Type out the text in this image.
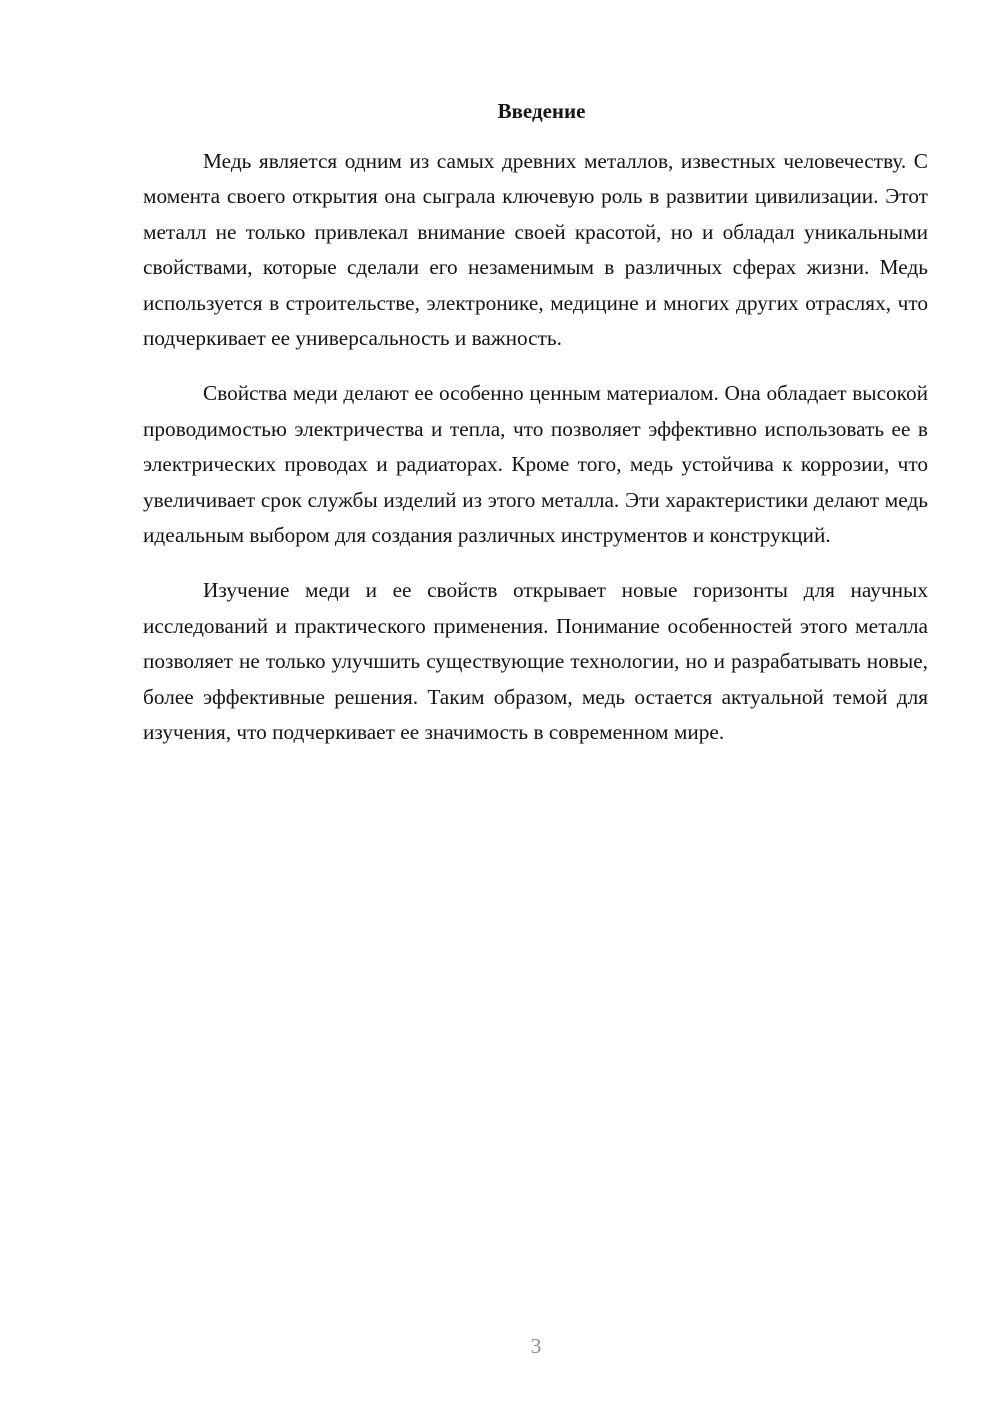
Введение

Медь является одним из самых древних металлов, известных человечеству. С момента своего открытия она сыграла ключевую роль в развитии цивилизации. Этот металл не только привлекал внимание своей красотой, но и обладал уникальными свойствами, которые сделали его незаменимым в различных сферах жизни. Медь используется в строительстве, электронике, медицине и многих других отраслях, что подчеркивает ее универсальность и важность.

Свойства меди делают ее особенно ценным материалом. Она обладает высокой проводимостью электричества и тепла, что позволяет эффективно использовать ее в электрических проводах и радиаторах. Кроме того, медь устойчива к коррозии, что увеличивает срок службы изделий из этого металла. Эти характеристики делают медь идеальным выбором для создания различных инструментов и конструкций.

Изучение меди и ее свойств открывает новые горизонты для научных исследований и практического применения. Понимание особенностей этого металла позволяет не только улучшить существующие технологии, но и разрабатывать новые, более эффективные решения. Таким образом, медь остается актуальной темой для изучения, что подчеркивает ее значимость в современном мире.

3
